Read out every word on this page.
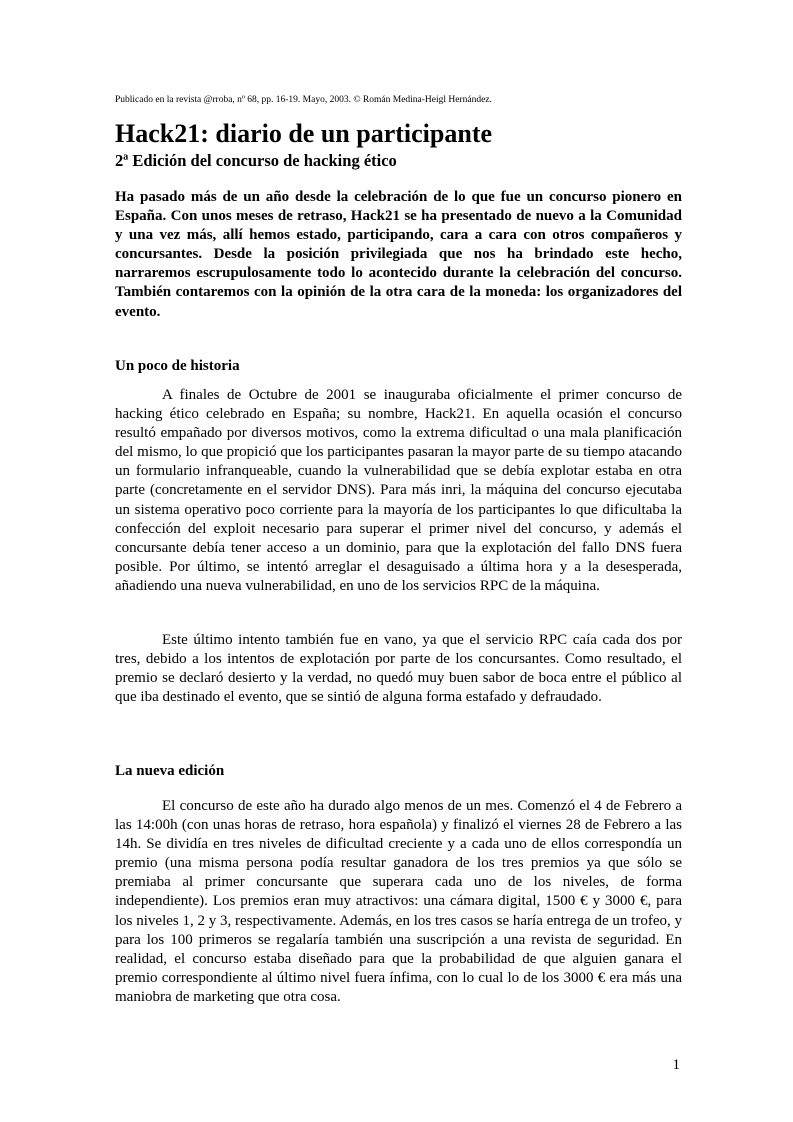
Publicado en la revista @rroba, nº 68, pp. 16-19. Mayo, 2003. © Román Medina-Heigl Hernández.
Hack21: diario de un participante
2ª Edición del concurso de hacking ético

Ha pasado más de un año desde la celebración de lo que fue un concurso pionero en España. Con unos meses de retraso, Hack21 se ha presentado de nuevo a la Comunidad y una vez más, allí hemos estado, participando, cara a cara con otros compañeros y concursantes. Desde la posición privilegiada que nos ha brindado este hecho, narraremos escrupulosamente todo lo acontecido durante la celebración del concurso. También contaremos con la opinión de la otra cara de la moneda: los organizadores del evento.

Un poco de historia

A finales de Octubre de 2001 se inauguraba oficialmente el primer concurso de hacking ético celebrado en España; su nombre, Hack21. En aquella ocasión el concurso resultó empañado por diversos motivos, como la extrema dificultad o una mala planificación del mismo, lo que propició que los participantes pasaran la mayor parte de su tiempo atacando un formulario infranqueable, cuando la vulnerabilidad que se debía explotar estaba en otra parte (concretamente en el servidor DNS). Para más inri, la máquina del concurso ejecutaba un sistema operativo poco corriente para la mayoría de los participantes lo que dificultaba la confección del exploit necesario para superar el primer nivel del concurso, y además el concursante debía tener acceso a un dominio, para que la explotación del fallo DNS fuera posible. Por último, se intentó arreglar el desaguisado a última hora y a la desesperada, añadiendo una nueva vulnerabilidad, en uno de los servicios RPC de la máquina.

Este último intento también fue en vano, ya que el servicio RPC caía cada dos por tres, debido a los intentos de explotación por parte de los concursantes. Como resultado, el premio se declaró desierto y la verdad, no quedó muy buen sabor de boca entre el público al que iba destinado el evento, que se sintió de alguna forma estafado y defraudado.

La nueva edición

El concurso de este año ha durado algo menos de un mes. Comenzó el 4 de Febrero a las 14:00h (con unas horas de retraso, hora española) y finalizó el viernes 28 de Febrero a las 14h. Se dividía en tres niveles de dificultad creciente y a cada uno de ellos correspondía un premio (una misma persona podía resultar ganadora de los tres premios ya que sólo se premiaba al primer concursante que superara cada uno de los niveles, de forma independiente). Los premios eran muy atractivos: una cámara digital, 1500 € y 3000 €, para los niveles 1, 2 y 3, respectivamente. Además, en los tres casos se haría entrega de un trofeo, y para los 100 primeros se regalaría también una suscripción a una revista de seguridad. En realidad, el concurso estaba diseñado para que la probabilidad de que alguien ganara el premio correspondiente al último nivel fuera ínfima, con lo cual lo de los 3000 € era más una maniobra de marketing que otra cosa.

1
